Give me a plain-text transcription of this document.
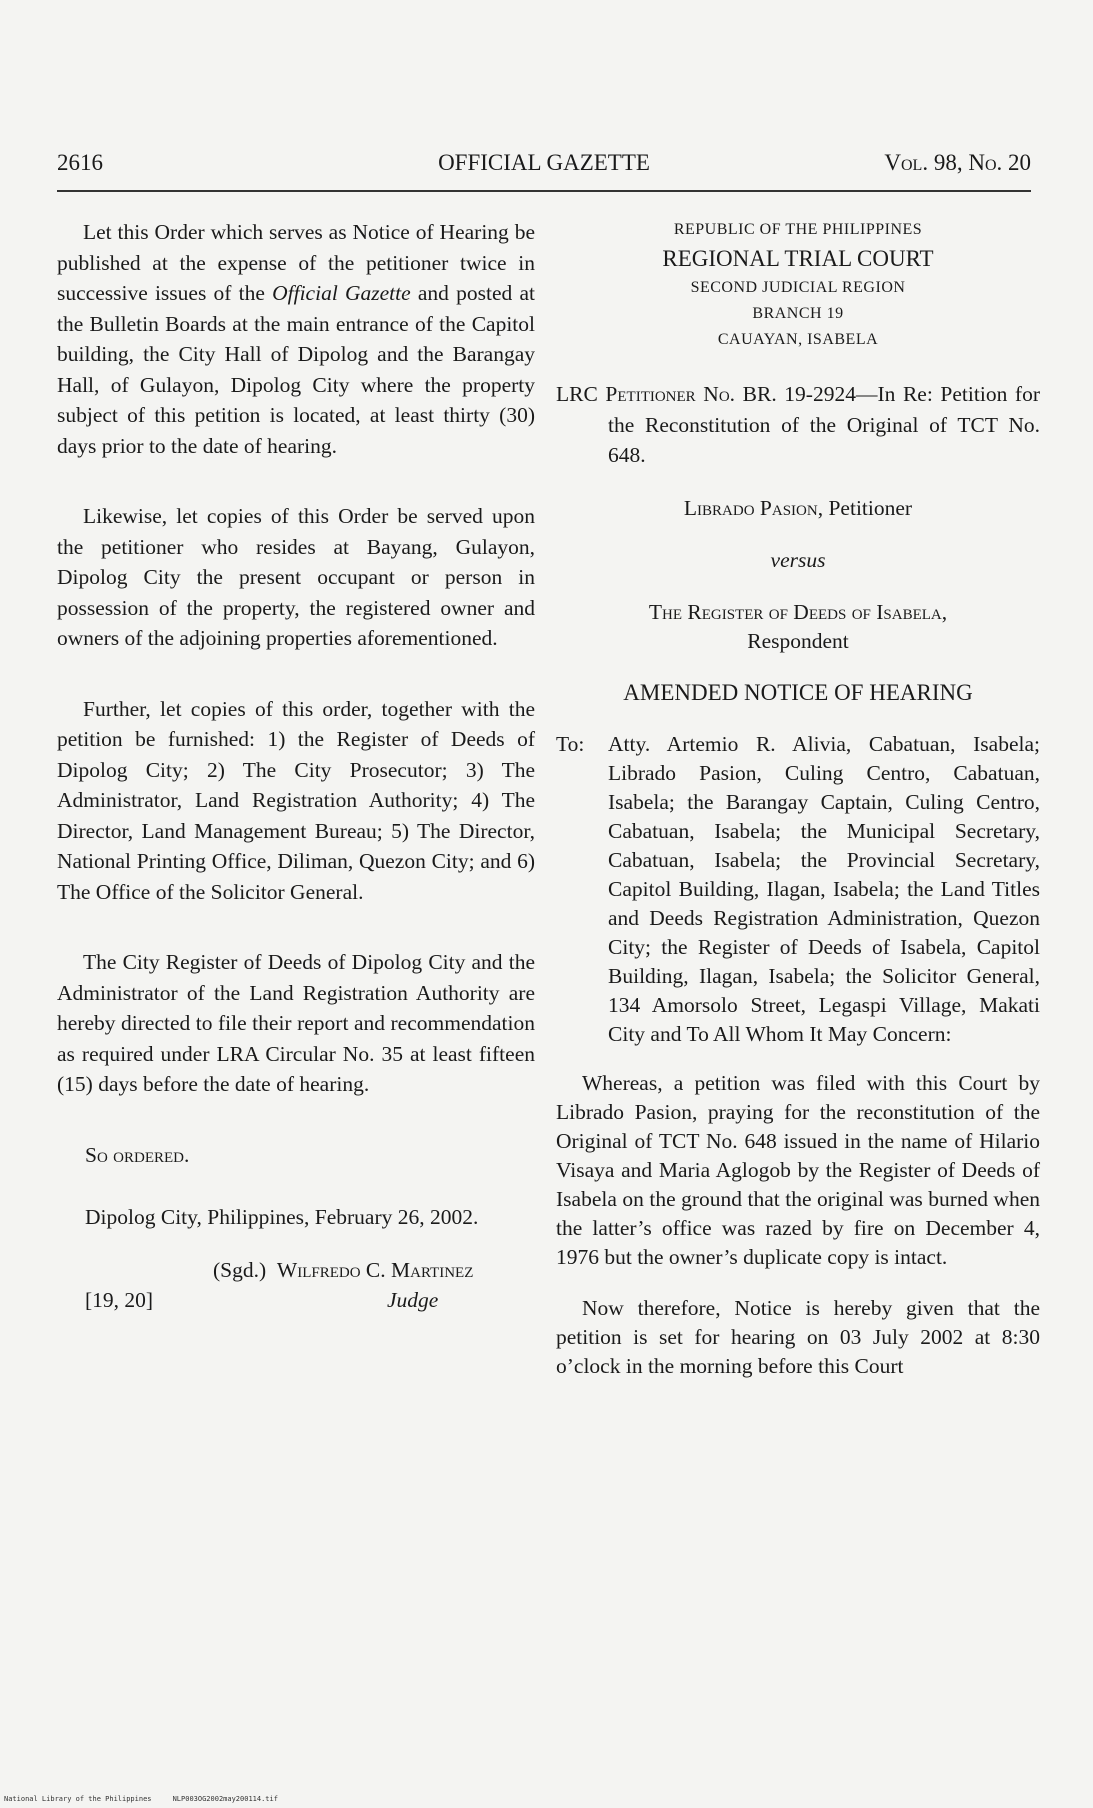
2616	OFFICIAL GAZETTE	Vol. 98, No. 20

Let this Order which serves as Notice of Hearing be published at the expense of the petitioner twice in successive issues of the Official Gazette and posted at the Bulletin Boards at the main entrance of the Capitol building, the City Hall of Dipolog and the Barangay Hall, of Gulayon, Dipolog City where the property subject of this petition is located, at least thirty (30) days prior to the date of hearing.

Likewise, let copies of this Order be served upon the petitioner who resides at Bayang, Gulayon, Dipolog City the present occupant or person in possession of the property, the registered owner and owners of the adjoining properties aforementioned.

Further, let copies of this order, together with the petition be furnished: 1) the Register of Deeds of Dipolog City; 2) The City Prosecutor; 3) The Administrator, Land Registration Authority; 4) The Director, Land Management Bureau; 5) The Director, National Printing Office, Diliman, Quezon City; and 6) The Office of the Solicitor General.

The City Register of Deeds of Dipolog City and the Administrator of the Land Registration Authority are hereby directed to file their report and recommendation as required under LRA Circular No. 35 at least fifteen (15) days before the date of hearing.

So ordered.

Dipolog City, Philippines, February 26, 2002.

(Sgd.) Wilfredo C. Martinez
[19, 20]	Judge
REPUBLIC OF THE PHILIPPINES
REGIONAL TRIAL COURT
SECOND JUDICIAL REGION
BRANCH 19
CAUAYAN, ISABELA

LRC Petitioner No. BR. 19-2924—In Re: Petition for the Reconstitution of the Original of TCT No. 648.

Librado Pasion, Petitioner

versus

The Register of Deeds of Isabela,
Respondent

AMENDED NOTICE OF HEARING

To: Atty. Artemio R. Alivia, Cabatuan, Isabela; Librado Pasion, Culing Centro, Cabatuan, Isabela; the Barangay Captain, Culing Centro, Cabatuan, Isabela; the Municipal Secretary, Cabatuan, Isabela; the Provincial Secretary, Capitol Building, Ilagan, Isabela; the Land Titles and Deeds Registration Administration, Quezon City; the Register of Deeds of Isabela, Capitol Building, Ilagan, Isabela; the Solicitor General, 134 Amorsolo Street, Legaspi Village, Makati City and To All Whom It May Concern:

Whereas, a petition was filed with this Court by Librado Pasion, praying for the reconstitution of the Original of TCT No. 648 issued in the name of Hilario Visaya and Maria Aglogob by the Register of Deeds of Isabela on the ground that the original was burned when the latter’s office was razed by fire on December 4, 1976 but the owner’s duplicate copy is intact.

Now therefore, Notice is hereby given that the petition is set for hearing on 03 July 2002 at 8:30 o’clock in the morning before this Court

National Library of the Philippines	NLP003OG2002may200114.tif
